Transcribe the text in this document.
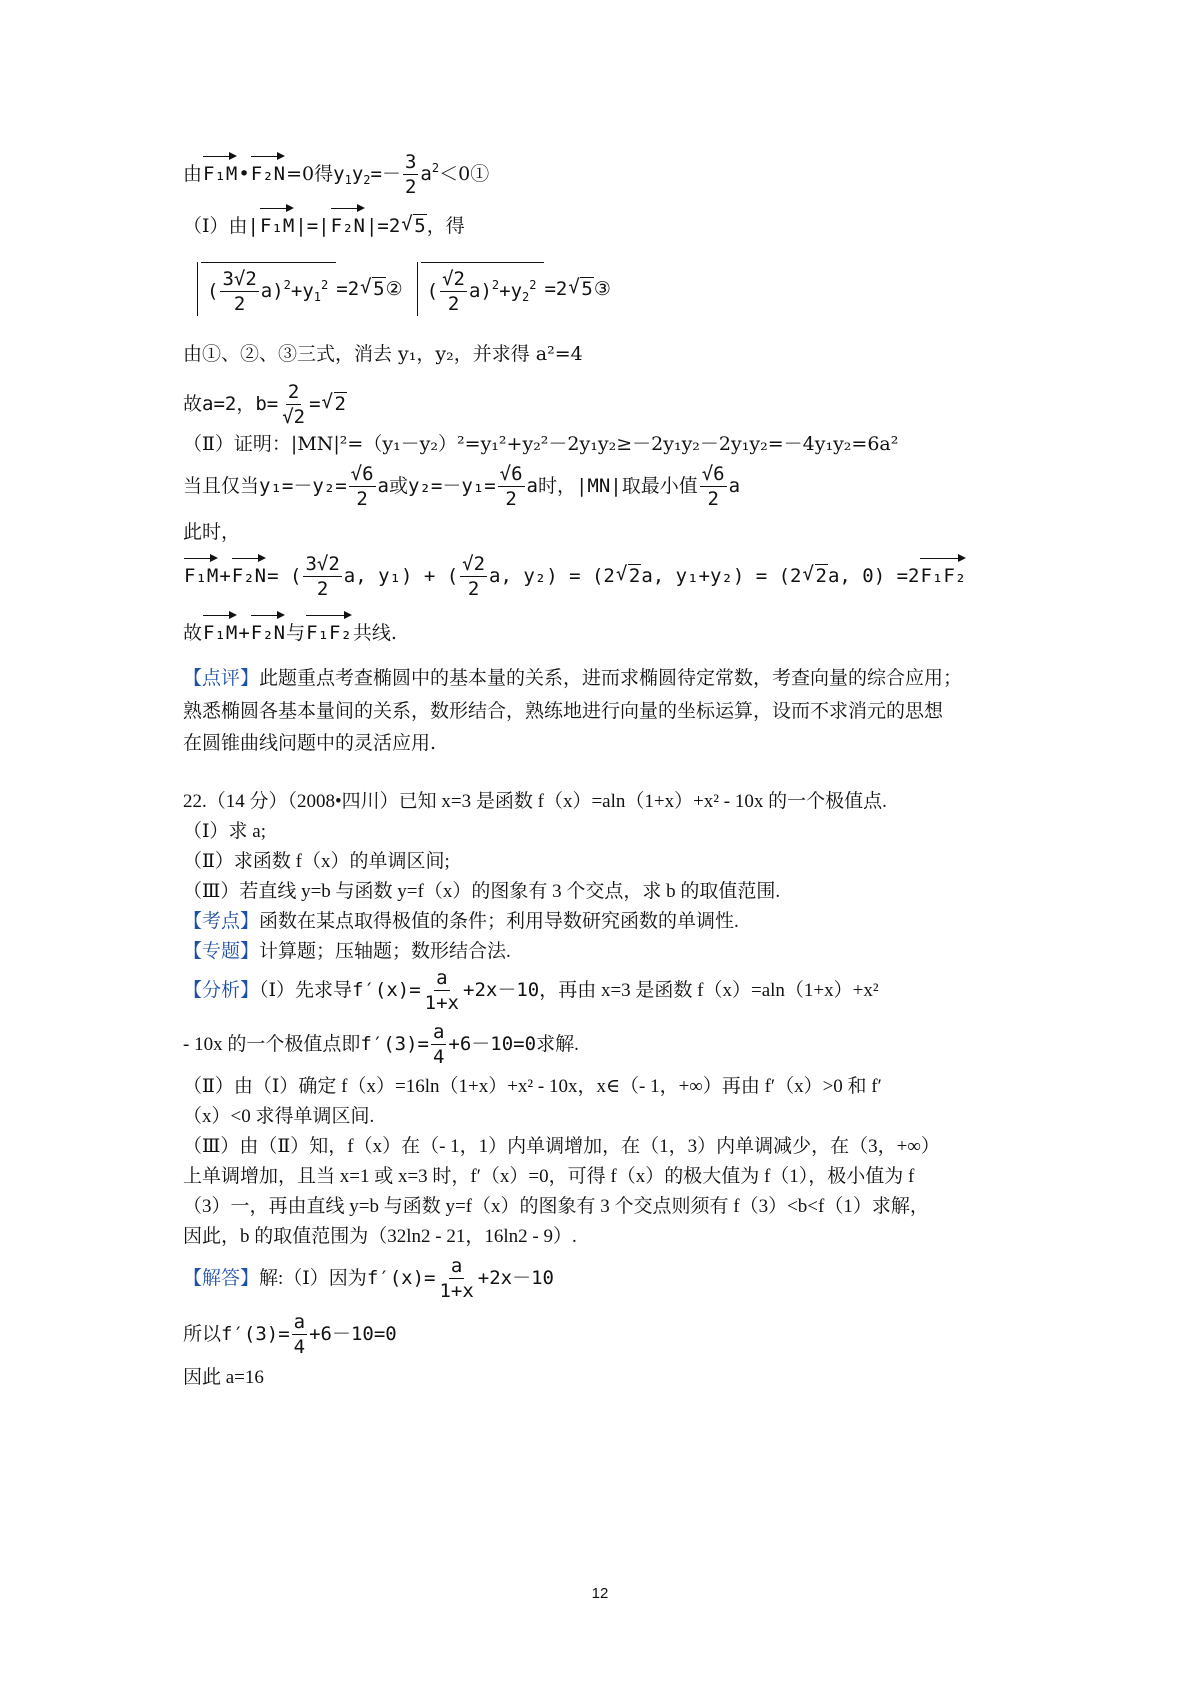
由F₁M•F₂N=0得$y_1y_2=- \frac{3}{2}$ $a^2<0①$
（Ⅰ）由|F₁M|=|F₂N|=2√ 5，得
( $\frac{3√2}{2} a)^2+y_1^2 =2√$ 5② ( $\frac{√2}{2} a)^2+y_2^2 =2√$ 5③
由①、②、③三式，消去 y₁，y₂，并求得 a²=4
故a=2，$b= \frac{2}{√2}$ =√ 2
（Ⅱ）证明：|MN|²=（y₁－y₂）²=y₁²+y₂²－2y₁y₂≥－2y₁y₂－2y₁y₂=－4y₁y₂=6a²
当且仅当$y_1=-y_2= \frac{√6}{2}$ a或$y_2=-y_1= \frac{√6}{2}$ a时，|MN|取最小值 $\frac{√6}{2}$ a
此时，
F₁M+F₂N= ( $\frac{3√2}{2} a$, y₁) + ( $\frac{√2}{2} a$, y₂) = (2√ 2a, y₁+y₂) = (2√ 2a, 0) =2F₁F₂
故F₁M+F₂N与F₁F₂共线.
【点评】此题重点考查椭圆中的基本量的关系，进而求椭圆待定常数，考查向量的综合应用；
熟悉椭圆各基本量间的关系，数形结合，熟练地进行向量的坐标运算，设而不求消元的思想
在圆锥曲线问题中的灵活应用.
22.（14 分）（2008•四川）已知 x=3 是函数 f（x）=aln（1+x）+x² - 10x 的一个极值点.
（Ⅰ）求 a;
（Ⅱ）求函数 f（x）的单调区间;
（Ⅲ）若直线 y=b 与函数 y=f（x）的图象有 3 个交点，求 b 的取值范围.
【考点】函数在某点取得极值的条件；利用导数研究函数的单调性.
【专题】计算题；压轴题；数形结合法.
【分析】（Ⅰ）先求导$f'(x)= \frac{a}{1+x} +2x-10$，再由 x=3 是函数 f（x）=aln（1+x）+x²
- 10x 的一个极值点即$f'(3)= \frac{a}{4} +6-10=0$求解.
（Ⅱ）由（Ⅰ）确定 f（x）=16ln（1+x）+x² - 10x，x∈（- 1，+∞）再由 f′（x）>0 和 f′
（x）<0 求得单调区间.
（Ⅲ）由（Ⅱ）知，f（x）在（- 1，1）内单调增加，在（1，3）内单调减少，在（3，+∞）
上单调增加，且当 x=1 或 x=3 时，f′（x）=0，可得 f（x）的极大值为 f（1），极小值为 f
（3）一，再由直线 y=b 与函数 y=f（x）的图象有 3 个交点则须有 f（3）<b<f（1）求解，
因此，b 的取值范围为（32ln2 - 21，16ln2 - 9）.
【解答】解:（Ⅰ）因为$f'(x)= \frac{a}{1+x} +2x-10$
所以$f'(3)= \frac{a}{4} +6-10=0$
因此 a=16
12
